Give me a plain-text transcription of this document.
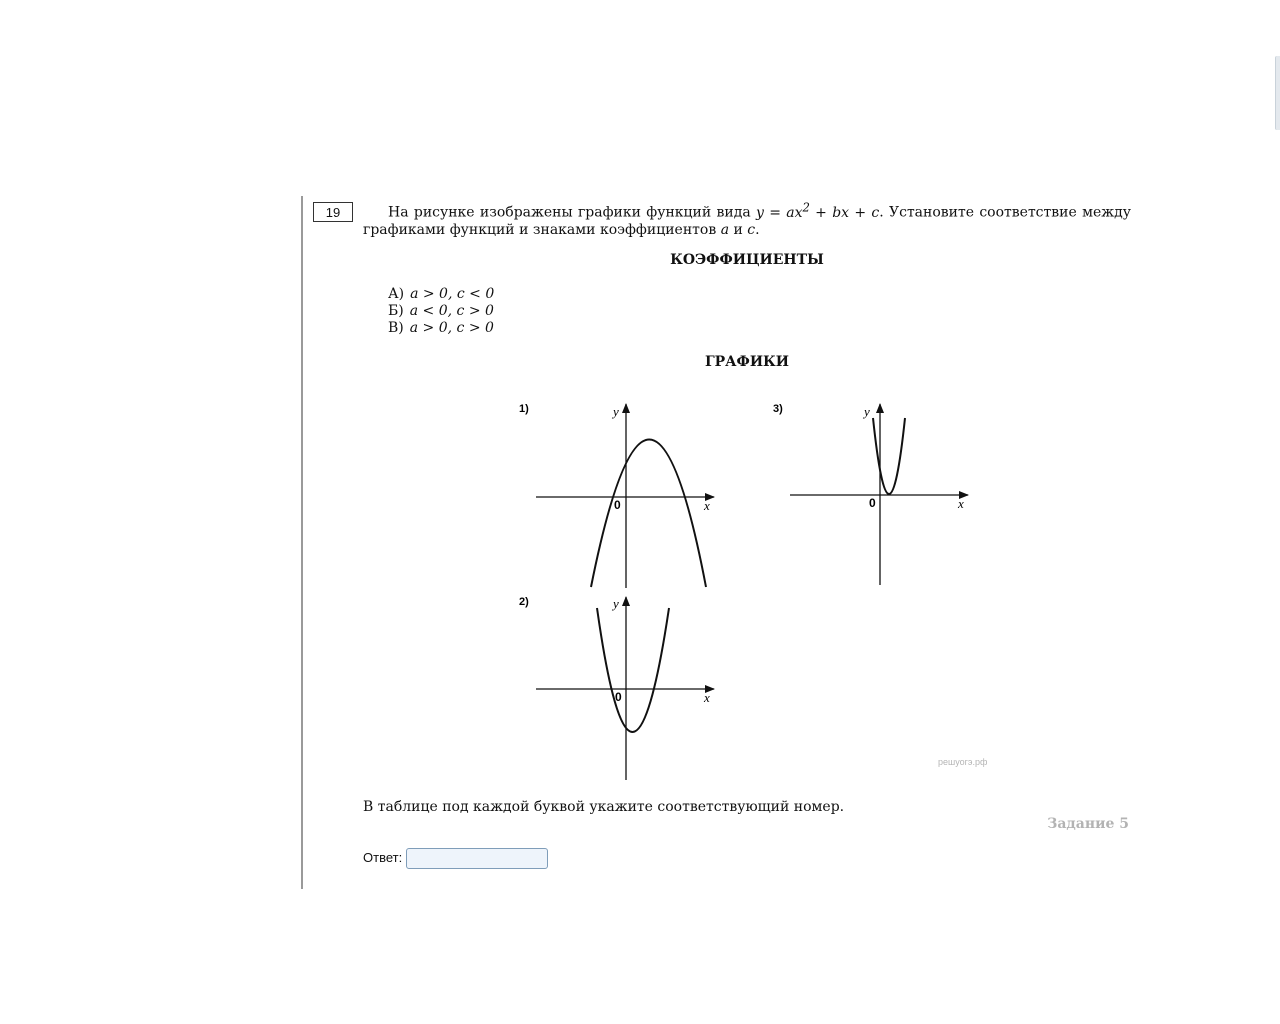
19	На рисунке изображены графики функций вида $y = ax^2$ + bx + c. Установите соответствие между графиками функций и знаками коэффициентов a и c.

КОЭФФИЦИЕНТЫ

А) a > 0, c < 0
Б) a < 0, c > 0
В) a > 0, c > 0

ГРАФИКИ

1)
0	x
y
2)
0	x
y
3)
0	x
y
решуогэ.рф

В таблице под каждой буквой укажите соответствующий номер.

Задание 5
Ответ:
